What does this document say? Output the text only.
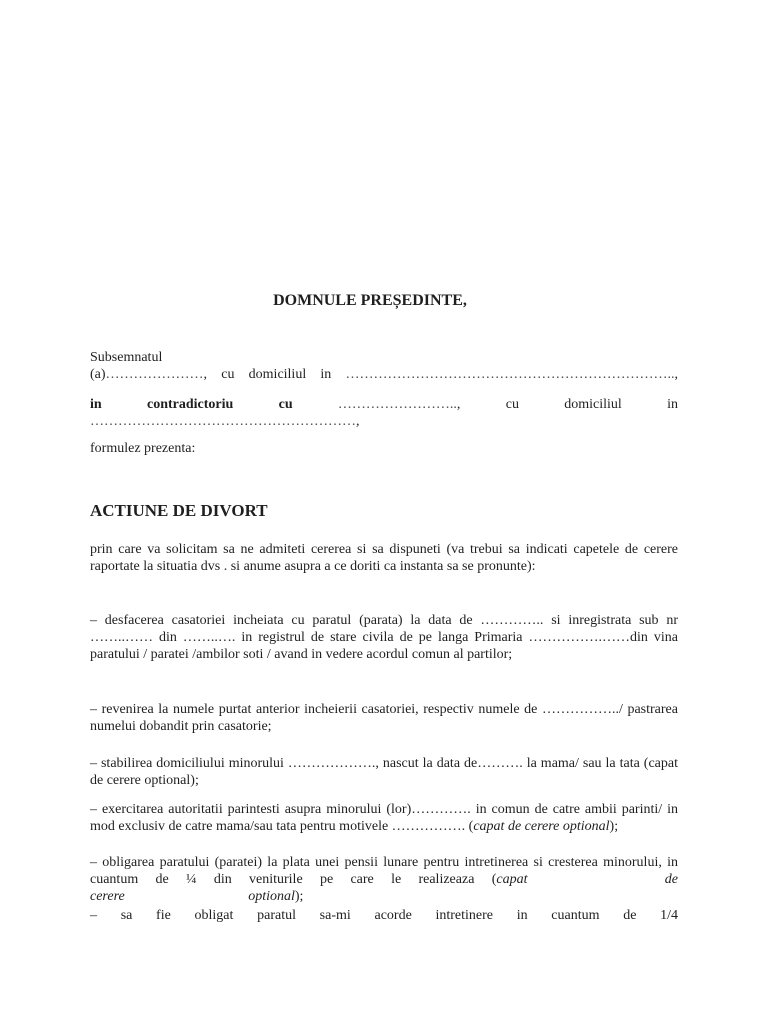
DOMNULE PREȘEDINTE,
Subsemnatul
(a)…………………, cu domiciliul in ……………………………………………………………..,
in contradictoriu cu	…………………….., cu domiciliul in
…………………………………………………,
formulez prezenta:
ACTIUNE DE DIVORT
prin care va solicitam sa ne admiteti cererea si sa dispuneti (va trebui sa indicati capetele de cerere raportate la situatia dvs . si anume asupra a ce doriti ca instanta sa se pronunte):
– desfacerea casatoriei incheiata cu paratul (parata) la data de ………….. si inregistrata sub nr ……..…… din ……..…. in registrul de stare civila de pe langa Primaria …………….……din vina paratului / paratei /ambilor soti / avand in vedere acordul comun al partilor;
– revenirea la numele purtat anterior incheierii casatoriei, respectiv numele de ……………../ pastrarea numelui dobandit prin casatorie;
– stabilirea domiciliului minorului ………………., nascut la data de………. la mama/ sau la tata (capat de cerere optional);
– exercitarea autoritatii parintesti asupra minorului (lor)…………. in comun de catre ambii parinti/ in mod exclusiv de catre mama/sau tata pentru motivele ……………. (capat de cerere optional);
– obligarea paratului (paratei) la plata unei pensii lunare pentru intretinerea si cresterea minorului, in cuantum de ¼ din veniturile pe care le realizeaza (capat de cerere optional);
– sa fie obligat paratul sa-mi acorde intretinere in cuantum de 1/4
